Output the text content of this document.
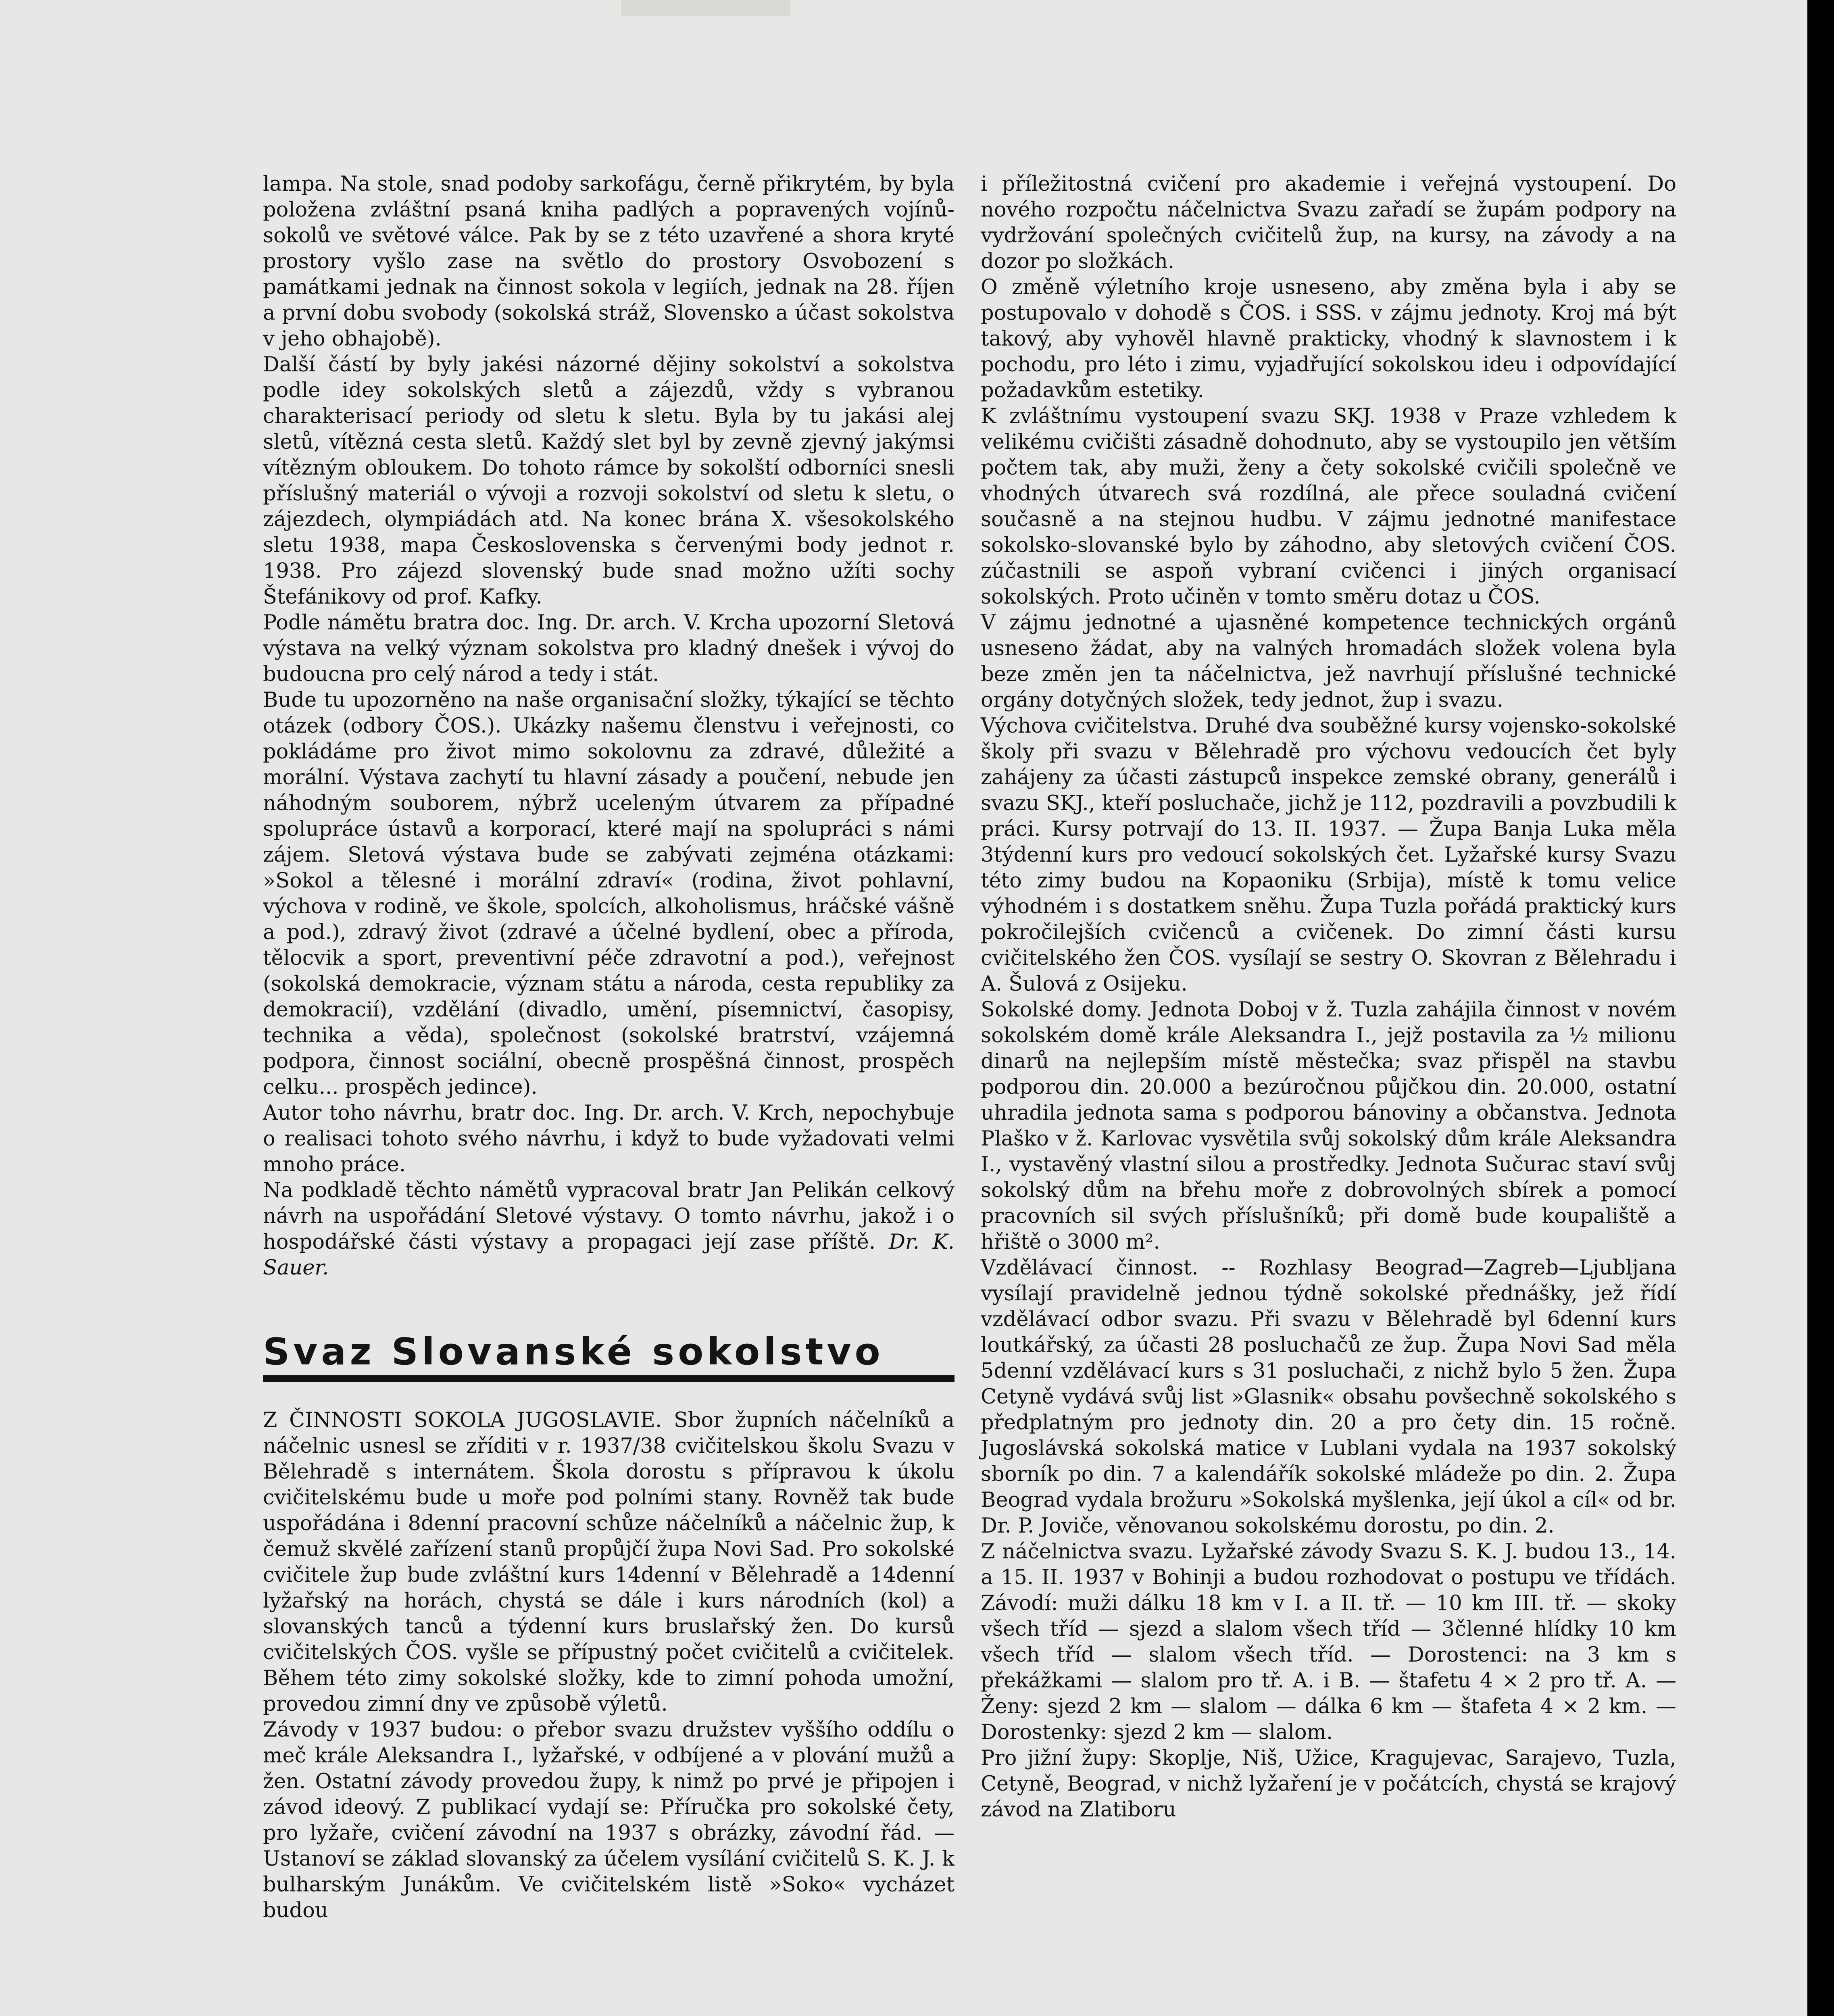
lampa. Na stole, snad podoby sarkofágu, černě přikrytém, by byla položena zvláštní psaná kniha padlých a popravených vojínů-sokolů ve světové válce. Pak by se z této uzavřené a shora kryté prostory vyšlo zase na světlo do prostory Osvobození s památkami jednak na činnost sokola v legiích, jednak na 28. říjen a první dobu svobody (sokolská stráž, Slovensko a účast sokolstva v jeho obhajobě).

Další částí by byly jakési názorné dějiny sokolství a sokolstva podle idey sokolských sletů a zájezdů, vždy s vybranou charakterisací periody od sletu k sletu. Byla by tu jakási alej sletů, vítězná cesta sletů. Každý slet byl by zevně zjevný jakýmsi vítězným obloukem. Do tohoto rámce by sokolští odborníci snesli příslušný materiál o vývoji a rozvoji sokolství od sletu k sletu, o zájezdech, olympiádách atd. Na konec brána X. všesokolského sletu 1938, mapa Československa s červenými body jednot r. 1938. Pro zájezd slovenský bude snad možno užíti sochy Štefánikovy od prof. Kafky.

Podle námětu bratra doc. Ing. Dr. arch. V. Krcha upozorní Sletová výstava na velký význam sokolstva pro kladný dnešek i vývoj do budoucna pro celý národ a tedy i stát.

Bude tu upozorněno na naše organisační složky, týkající se těchto otázek (odbory ČOS.). Ukázky našemu členstvu i veřejnosti, co pokládáme pro život mimo sokolovnu za zdravé, důležité a morální. Výstava zachytí tu hlavní zásady a poučení, nebude jen náhodným souborem, nýbrž uceleným útvarem za případné spolupráce ústavů a korporací, které mají na spolupráci s námi zájem. Sletová výstava bude se zabývati zejména otázkami: »Sokol a tělesné i morální zdraví« (rodina, život pohlavní, výchova v rodině, ve škole, spolcích, alkoholismus, hráčské vášně a pod.), zdravý život (zdravé a účelné bydlení, obec a příroda, tělocvik a sport, preventivní péče zdravotní a pod.), veřejnost (sokolská demokracie, význam státu a národa, cesta republiky za demokracií), vzdělání (divadlo, umění, písemnictví, časopisy, technika a věda), společnost (sokolské bratrství, vzájemná podpora, činnost sociální, obecně prospěšná činnost, prospěch celku... prospěch jedince).

Autor toho návrhu, bratr doc. Ing. Dr. arch. V. Krch, nepochybuje o realisaci tohoto svého návrhu, i když to bude vyžadovati velmi mnoho práce.

Na podkladě těchto námětů vypracoval bratr Jan Pelikán celkový návrh na uspořádání Sletové výstavy. O tomto návrhu, jakož i o hospodářské části výstavy a propagaci její zase příště. Dr. K. Sauer.

Svaz Slovanské sokolstvo

Z ČINNOSTI SOKOLA JUGOSLAVIE. Sbor župních náčelníků a náčelnic usnesl se zříditi v r. 1937/38 cvičitelskou školu Svazu v Bělehradě s internátem. Škola dorostu s přípravou k úkolu cvičitelskému bude u moře pod polními stany. Rovněž tak bude uspořádána i 8denní pracovní schůze náčelníků a náčelnic žup, k čemuž skvělé zařízení stanů propůjčí župa Novi Sad. Pro sokolské cvičitele žup bude zvláštní kurs 14denní v Bělehradě a 14denní lyžařský na horách, chystá se dále i kurs národních (kol) a slovanských tanců a týdenní kurs bruslařský žen. Do kursů cvičitelských ČOS. vyšle se přípustný počet cvičitelů a cvičitelek. Během této zimy sokolské složky, kde to zimní pohoda umožní, provedou zimní dny ve způsobě výletů.

Závody v 1937 budou: o přebor svazu družstev vyššího oddílu o meč krále Aleksandra I., lyžařské, v odbíjené a v plování mužů a žen. Ostatní závody provedou župy, k nimž po prvé je připojen i závod ideový. Z publikací vydají se: Příručka pro sokolské čety, pro lyžaře, cvičení závodní na 1937 s obrázky, závodní řád. — Ustanoví se základ slovanský za účelem vysílání cvičitelů S. K. J. k bulharským Junákům. Ve cvičitelském listě »Soko« vycházet budou

i příležitostná cvičení pro akademie i veřejná vystoupení. Do nového rozpočtu náčelnictva Svazu zařadí se župám podpory na vydržování společných cvičitelů žup, na kursy, na závody a na dozor po složkách.

O změně výletního kroje usneseno, aby změna byla i aby se postupovalo v dohodě s ČOS. i SSS. v zájmu jednoty. Kroj má být takový, aby vyhověl hlavně prakticky, vhodný k slavnostem i k pochodu, pro léto i zimu, vyjadřující sokolskou ideu i odpovídající požadavkům estetiky.

K zvláštnímu vystoupení svazu SKJ. 1938 v Praze vzhledem k velikému cvičišti zásadně dohodnuto, aby se vystoupilo jen větším počtem tak, aby muži, ženy a čety sokolské cvičili společně ve vhodných útvarech svá rozdílná, ale přece souladná cvičení současně a na stejnou hudbu. V zájmu jednotné manifestace sokolsko-slovanské bylo by záhodno, aby sletových cvičení ČOS. zúčastnili se aspoň vybraní cvičenci i jiných organisací sokolských. Proto učiněn v tomto směru dotaz u ČOS.

V zájmu jednotné a ujasněné kompetence technických orgánů usneseno žádat, aby na valných hromadách složek volena byla beze změn jen ta náčelnictva, jež navrhují příslušné technické orgány dotyčných složek, tedy jednot, žup i svazu.

Výchova cvičitelstva. Druhé dva souběžné kursy vojensko-sokolské školy při svazu v Bělehradě pro výchovu vedoucích čet byly zahájeny za účasti zástupců inspekce zemské obrany, generálů i svazu SKJ., kteří posluchače, jichž je 112, pozdravili a povzbudili k práci. Kursy potrvají do 13. II. 1937. — Župa Banja Luka měla 3týdenní kurs pro vedoucí sokolských čet. Lyžařské kursy Svazu této zimy budou na Kopaoniku (Srbija), místě k tomu velice výhodném i s dostatkem sněhu. Župa Tuzla pořádá praktický kurs pokročilejších cvičenců a cvičenek. Do zimní části kursu cvičitelského žen ČOS. vysílají se sestry O. Skovran z Bělehradu i A. Šulová z Osijeku.

Sokolské domy. Jednota Doboj v ž. Tuzla zahájila činnost v novém sokolském domě krále Aleksandra I., jejž postavila za ½ milionu dinarů na nejlepším místě městečka; svaz přispěl na stavbu podporou din. 20.000 a bezúročnou půjčkou din. 20.000, ostatní uhradila jednota sama s podporou bánoviny a občanstva. Jednota Plaško v ž. Karlovac vysvětila svůj sokolský dům krále Aleksandra I., vystavěný vlastní silou a prostředky. Jednota Sučurac staví svůj sokolský dům na břehu moře z dobrovolných sbírek a pomocí pracovních sil svých příslušníků; při domě bude koupaliště a hřiště o 3000 m².

Vzdělávací činnost. -- Rozhlasy Beograd—Zagreb—Ljubljana vysílají pravidelně jednou týdně sokolské přednášky, jež řídí vzdělávací odbor svazu. Při svazu v Bělehradě byl 6denní kurs loutkářský, za účasti 28 posluchačů ze žup. Župa Novi Sad měla 5denní vzdělávací kurs s 31 posluchači, z nichž bylo 5 žen. Župa Cetyně vydává svůj list »Glasnik« obsahu povšechně sokolského s předplatným pro jednoty din. 20 a pro čety din. 15 ročně. Jugoslávská sokolská matice v Lublani vydala na 1937 sokolský sborník po din. 7 a kalendářík sokolské mládeže po din. 2. Župa Beograd vydala brožuru »Sokolská myšlenka, její úkol a cíl« od br. Dr. P. Joviče, věnovanou sokolskému dorostu, po din. 2.

Z náčelnictva svazu. Lyžařské závody Svazu S. K. J. budou 13., 14. a 15. II. 1937 v Bohinji a budou rozhodovat o postupu ve třídách. Závodí: muži dálku 18 km v I. a II. tř. — 10 km III. tř. — skoky všech tříd — sjezd a slalom všech tříd — 3členné hlídky 10 km všech tříd — slalom všech tříd. — Dorostenci: na 3 km s překážkami — slalom pro tř. A. i B. — štafetu 4 × 2 pro tř. A. — Ženy: sjezd 2 km — slalom — dálka 6 km — štafeta 4 × 2 km. — Dorostenky: sjezd 2 km — slalom.

Pro jižní župy: Skoplje, Niš, Užice, Kragujevac, Sarajevo, Tuzla, Cetyně, Beograd, v nichž lyžaření je v počátcích, chystá se krajový závod na Zlatiboru
